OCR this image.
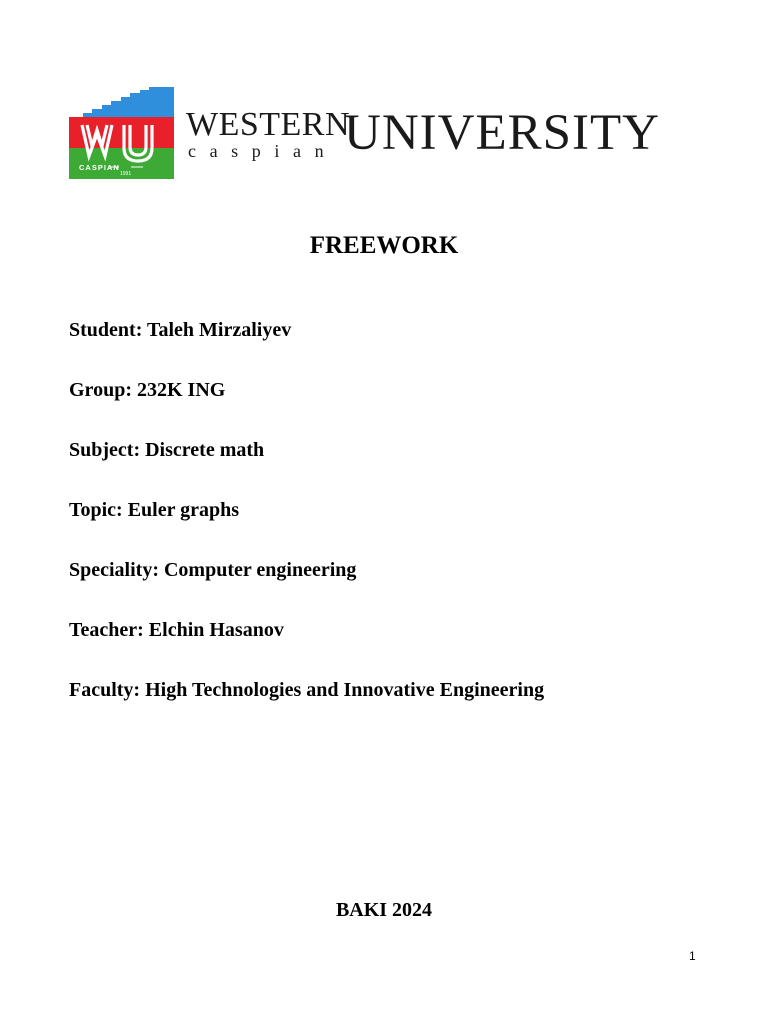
CASPIAN
1991
WESTERN
caspian UNIVERSITY
FREEWORK
Student: Taleh Mirzaliyev
Group: 232K ING
Subject: Discrete math
Topic: Euler graphs
Speciality: Computer engineering
Teacher: Elchin Hasanov
Faculty: High Technologies and Innovative Engineering
BAKI 2024
1
